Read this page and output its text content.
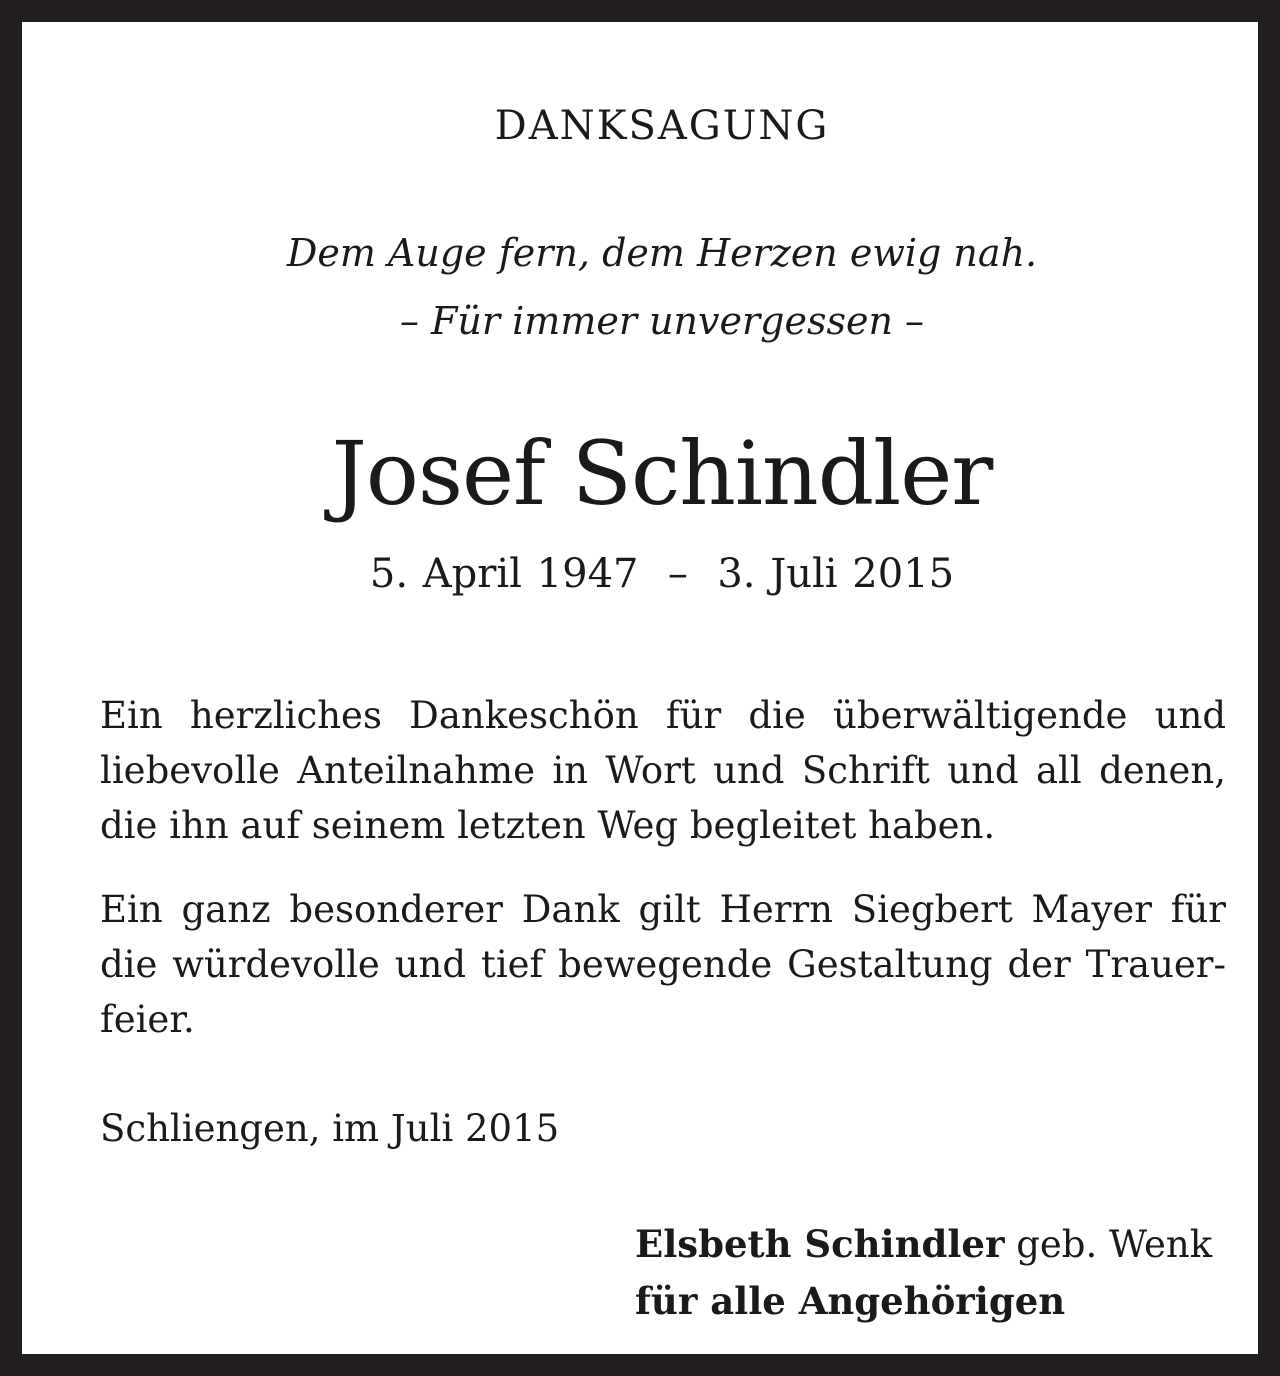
DANKSAGUNG
Dem Auge fern, dem Herzen ewig nah.
– Für immer unvergessen –
Josef Schindler
5. April 1947  –  3. Juli 2015
Ein herzliches Dankeschön für die überwältigende und
liebevolle Anteilnahme in Wort und Schrift und all denen,
die ihn auf seinem letzten Weg begleitet haben.
Ein ganz besonderer Dank gilt Herrn Siegbert Mayer für
die würdevolle und tief bewegende Gestaltung der Trauer-
feier.
Schliengen, im Juli 2015
Elsbeth Schindler geb. Wenk
für alle Angehörigen
